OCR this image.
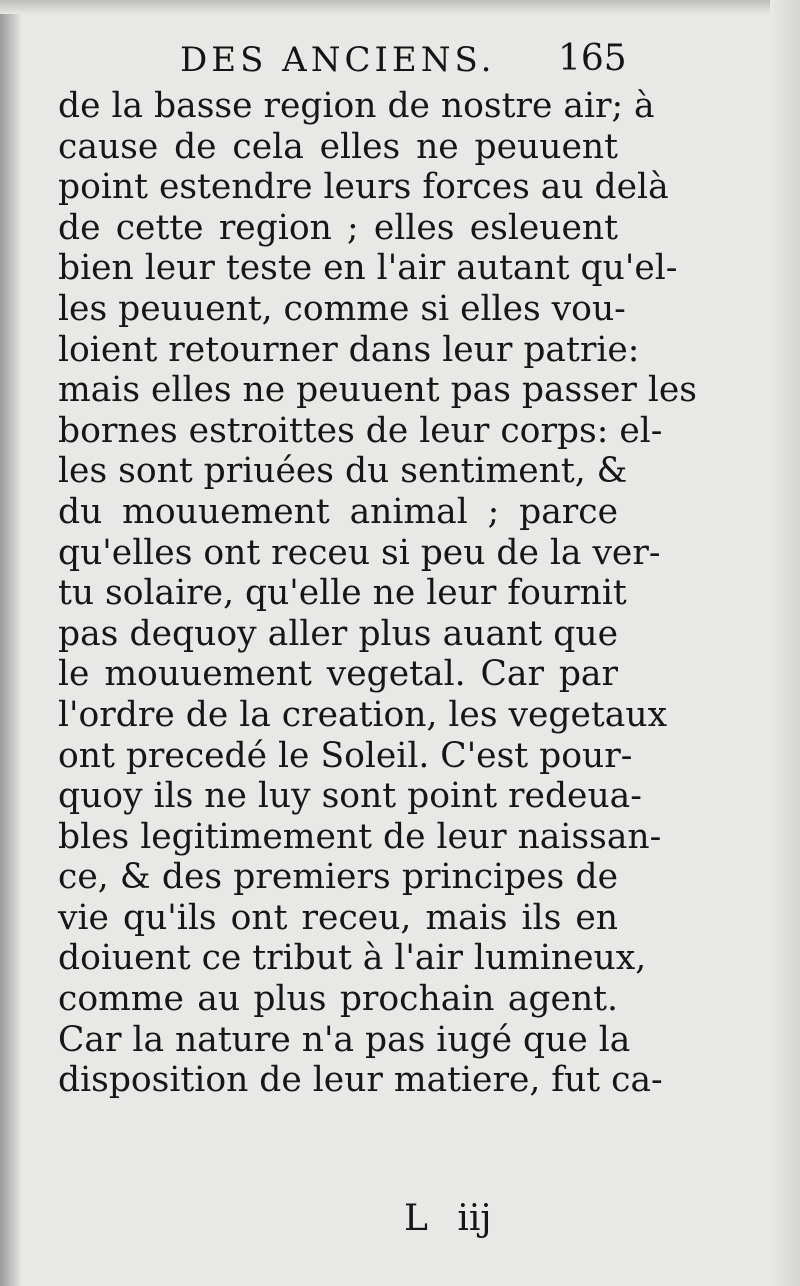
DES ANCIENS. 165
de la basse region de nostre air; à
cause de cela elles ne peuuent
point estendre leurs forces au delà
de cette region ; elles esleuent
bien leur teste en l'air autant qu'el-
les peuuent, comme si elles vou-
loient retourner dans leur patrie:
mais elles ne peuuent pas passer les
bornes estroittes de leur corps: el-
les sont priuées du sentiment, &
du mouuement animal ; parce
qu'elles ont receu si peu de la ver-
tu solaire, qu'elle ne leur fournit
pas dequoy aller plus auant que
le mouuement vegetal. Car par
l'ordre de la creation, les vegetaux
ont precedé le Soleil. C'est pour-
quoy ils ne luy sont point redeua-
bles legitimement de leur naissan-
ce, & des premiers principes de
vie qu'ils ont receu, mais ils en
doiuent ce tribut à l'air lumineux,
comme au plus prochain agent.
Car la nature n'a pas iugé que la
disposition de leur matiere, fut ca-
L iij
